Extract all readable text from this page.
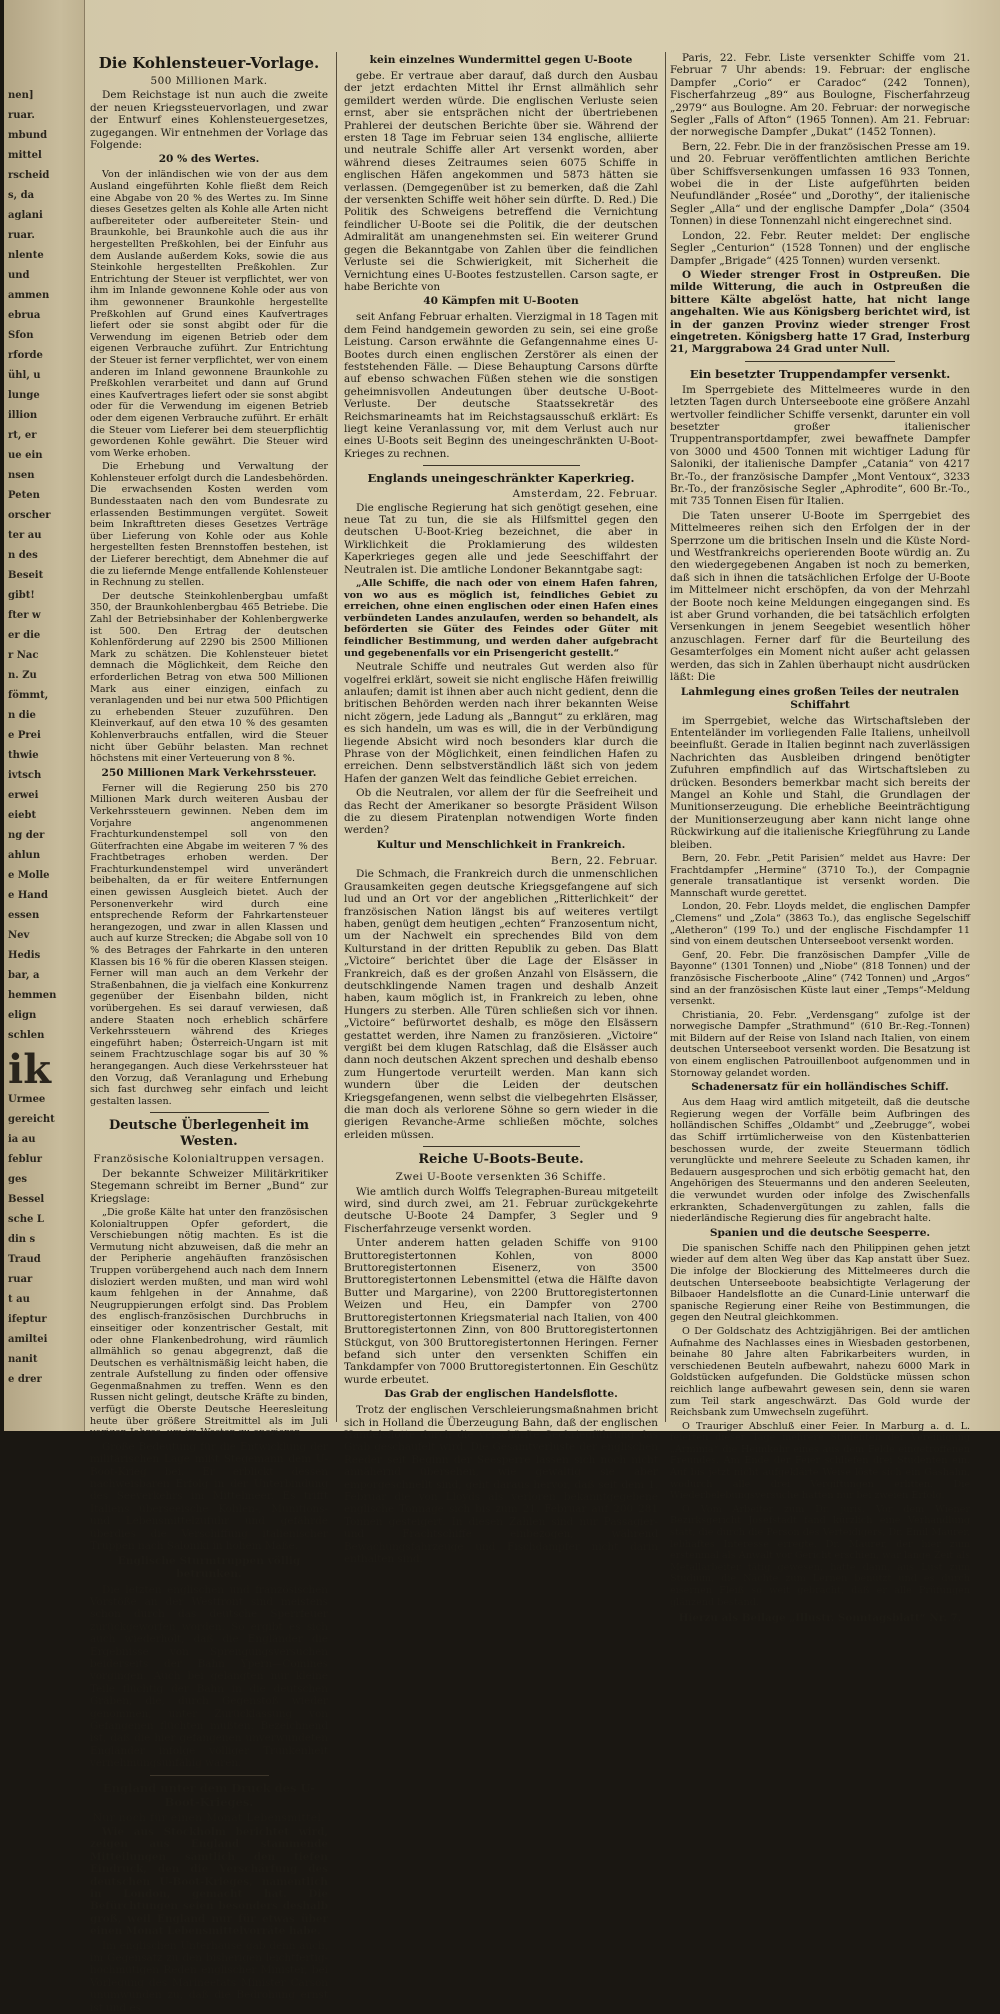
nen]
ruar.
mbund
mittel
rscheid
s, da
aglani
ruar.
nlente
und
ammen
ebrua
Sfon
rforde
ühl, u
lunge
illion
rt, er
ue ein
nsen
Peten
orscher
ter au
n des
Beseit
gibt!
fter w
er die
r Nac
n. Zu
fömmt,
n die
e Prei
thwie
ivtsch
erwei
eiebt
ng der
ahlun
e Molle
e Hand
essen
Nev
Hedis
bar, a
hemmen
elign
schlen
ik
Urmee
gereicht
ia au
feblur
ges
Bessel
sche L
din s
Traud
ruar
t au
ifeptur
amiltei
nanit
e drer
Die Kohlensteuer-Vorlage.
500 Millionen Mark.

Dem Reichstage ist nun auch die zweite der neuen Kriegssteuervorlagen, und zwar der Entwurf eines Kohlensteuergesetzes, zugegangen. Wir entnehmen der Vorlage das Folgende:

20 % des Wertes.

Von der inländischen wie von der aus dem Ausland eingeführten Kohle fließt dem Reich eine Abgabe von 20 % des Wertes zu. Im Sinne dieses Gesetzes gelten als Kohle alle Arten nicht aufbereiteter oder aufbereiteter Stein- und Braunkohle, bei Braunkohle auch die aus ihr hergestellten Preßkohlen, bei der Einfuhr aus dem Auslande außerdem Koks, sowie die aus Steinkohle hergestellten Preßkohlen. Zur Entrichtung der Steuer ist verpflichtet, wer von ihm im Inlande gewonnene Kohle oder aus von ihm gewonnener Braunkohle hergestellte Preßkohlen auf Grund eines Kaufvertrages liefert oder sie sonst abgibt oder für die Verwendung im eigenen Betrieb oder dem eigenen Verbrauche zuführt. Zur Entrichtung der Steuer ist ferner verpflichtet, wer von einem anderen im Inland gewonnene Braunkohle zu Preßkohlen verarbeitet und dann auf Grund eines Kaufvertrages liefert oder sie sonst abgibt oder für die Verwendung im eigenen Betrieb oder dem eigenen Verbrauche zuführt. Er erhält die Steuer vom Lieferer bei dem steuerpflichtig gewordenen Kohle gewährt. Die Steuer wird vom Werke erhoben.

Die Erhebung und Verwaltung der Kohlensteuer erfolgt durch die Landesbehörden. Die erwachsenden Kosten werden vom Bundesstaaten nach den vom Bundesrate zu erlassenden Bestimmungen vergütet. Soweit beim Inkrafttreten dieses Gesetzes Verträge über Lieferung von Kohle oder aus Kohle hergestellten festen Brennstoffen bestehen, ist der Lieferer berechtigt, dem Abnehmer die auf die zu liefernde Menge entfallende Kohlensteuer in Rechnung zu stellen.

Der deutsche Steinkohlenbergbau umfaßt 350, der Braunkohlenbergbau 465 Betriebe. Die Zahl der Betriebsinhaber der Kohlenbergwerke ist 500. Den Ertrag der deutschen Kohlenförderung auf 2290 bis 2500 Millionen Mark zu schätzen. Die Kohlensteuer bietet demnach die Möglichkeit, dem Reiche den erforderlichen Betrag von etwa 500 Millionen Mark aus einer einzigen, einfach zu veranlagenden und bei nur etwa 500 Pflichtigen zu erhebenden Steuer zuzuführen. Den Kleinverkauf, auf den etwa 10 % des gesamten Kohlenverbrauchs entfallen, wird die Steuer nicht über Gebühr belasten. Man rechnet höchstens mit einer Verteuerung von 8 %.

250 Millionen Mark Verkehrssteuer.

Ferner will die Regierung 250 bis 270 Millionen Mark durch weiteren Ausbau der Verkehrssteuern gewinnen. Neben dem im Vorjahre angenommenen Frachturkundenstempel soll von den Güterfrachten eine Abgabe im weiteren 7 % des Frachtbetrages erhoben werden. Der Frachturkundenstempel wird unverändert beibehalten, da er für weitere Entfernungen einen gewissen Ausgleich bietet. Auch der Personenverkehr wird durch eine entsprechende Reform der Fahrkartensteuer herangezogen, und zwar in allen Klassen und auch auf kurze Strecken; die Abgabe soll von 10 % des Betrages der Fahrkarte in den unteren Klassen bis 16 % für die oberen Klassen steigen. Ferner will man auch an dem Verkehr der Straßenbahnen, die ja vielfach eine Konkurrenz gegenüber der Eisenbahn bilden, nicht vorübergehen. Es sei darauf verwiesen, daß andere Staaten noch erheblich schärfere Verkehrssteuern während des Krieges eingeführt haben; Österreich-Ungarn ist mit seinem Frachtzuschlage sogar bis auf 30 % herangegangen. Auch diese Verkehrssteuer hat den Vorzug, daß Veranlagung und Erhebung sich fast durchweg sehr einfach und leicht gestalten lassen.

Deutsche Überlegenheit im Westen.
Französische Kolonialtruppen versagen.

Der bekannte Schweizer Militärkritiker Stegemann schreibt im Berner „Bund“ zur Kriegslage:

„Die große Kälte hat unter den französischen Kolonialtruppen Opfer gefordert, die Verschiebungen nötig machten. Es ist die Vermutung nicht abzuweisen, daß die mehr an der Peripherie angehäuften französischen Truppen vorübergehend auch nach dem Innern disloziert werden mußten, und man wird wohl kaum fehlgehen in der Annahme, daß Neugruppierungen erfolgt sind. Das Problem des englisch-französischen Durchbruchs in einseitiger oder konzentrischer Gestalt, mit oder ohne Flankenbedrohung, wird räumlich allmählich so genau abgegrenzt, daß die Deutschen es verhältnismäßig leicht haben, die zentrale Aufstellung zu finden oder offensive Gegenmaßnahmen zu treffen. Wenn es den Russen nicht gelingt, deutsche Kräfte zu binden, verfügt die Oberste Deutsche Heeresleitung heute über größere Streitmittel als im Juli vorigen Jahres, um im Westen zu operieren.

Große Bedeutung für die Entwicklung der militärischen Lage mißt Stegemann dem U-Boot-Krieg bei. Er erblickt dessen nachweisbaren Erfolg in der Unterbindung des Seeverkehrs im Mittelmeer. Es trifft Italiens überseeische Kohlen-, Munitions- und Lebensmittelzufuhr und gefährde überdies die Verschiffung italienischer Truppen nach Saloniki in hohem Maße.

Englische Sturmtruppen völlig betrunken.

Die letzten englischen und französischen Vorstöße an der Westfront sind meistens schon durch das deutsche Sperrfeuer zurückgeworfen worden. So ergibt es sich auch wiederholt, daß die Engländer die Ergebnisse von Sprengungsversuchen beiderseits der Bahn Ypern—Comines vorgingen. Auch bei gelangten nur kleine Teile flüchtig der Bahn in die deutschen Gräben, die, durch Gegenstoß wieder genommen, unter Zurücklassung von Gefangenen flüchten mußten. Bezeichnend ist, daß die hier gefangenen unverwundeten Engländer infolge völliger Trunkenheit vernehmungsunfähig waren.

England unter dem Druck des U-Boot-Krieges.
Nur noch für einen Monat Lebensmittel.

Wie aus Stockholm berichtet wird, zeigen aus England stammende Mitteilungen sämtlich den tiefen Eindruck, den die Verschärfung des deutschen U-Boot-Krieges, namentlich in London, gemacht hat. Die Befürchtungen seien besonders deshalb groß, weil England nur für etwas über einen Monat Lebensmittelvorräte habe.

Im englischen Unterhause gab denn auch, im Gegensatz zu den bisherigen leichtfertig-hochmütigen Reden englischer Minister, bei Vorlegung des Marineetats Minister Carson unumwunden zu, daß die Bedrohung ernst ist und es

kein einzelnes Wundermittel gegen U-Boote

gebe. Er vertraue aber darauf, daß durch den Ausbau der jetzt erdachten Mittel ihr Ernst allmählich sehr gemildert werden würde. Die englischen Verluste seien ernst, aber sie entsprächen nicht der übertriebenen Prahlerei der deutschen Berichte über sie. Während der ersten 18 Tage im Februar seien 134 englische, alliierte und neutrale Schiffe aller Art versenkt worden, aber während dieses Zeitraumes seien 6075 Schiffe in englischen Häfen angekommen und 5873 hätten sie verlassen. (Demgegenüber ist zu bemerken, daß die Zahl der versenkten Schiffe weit höher sein dürfte. D. Red.) Die Politik des Schweigens betreffend die Vernichtung feindlicher U-Boote sei die Politik, die der deutschen Admiralität am unangenehmsten sei. Ein weiterer Grund gegen die Bekanntgabe von Zahlen über die feindlichen Verluste sei die Schwierigkeit, mit Sicherheit die Vernichtung eines U-Bootes festzustellen. Carson sagte, er habe Berichte von

40 Kämpfen mit U-Booten

seit Anfang Februar erhalten. Vierzigmal in 18 Tagen mit dem Feind handgemein geworden zu sein, sei eine große Leistung. Carson erwähnte die Gefangennahme eines U-Bootes durch einen englischen Zerstörer als einen der feststehenden Fälle. — Diese Behauptung Carsons dürfte auf ebenso schwachen Füßen stehen wie die sonstigen geheimnisvollen Andeutungen über deutsche U-Boot-Verluste. Der deutsche Staatssekretär des Reichsmarineamts hat im Reichstagsausschuß erklärt: Es liegt keine Veranlassung vor, mit dem Verlust auch nur eines U-Boots seit Beginn des uneingeschränkten U-Boot-Krieges zu rechnen.

Englands uneingeschränkter Kaperkrieg.
Amsterdam, 22. Februar.

Die englische Regierung hat sich genötigt gesehen, eine neue Tat zu tun, die sie als Hilfsmittel gegen den deutschen U-Boot-Krieg bezeichnet, die aber in Wirklichkeit die Proklamierung des wildesten Kaperkrieges gegen alle und jede Seeschiffahrt der Neutralen ist. Die amtliche Londoner Bekanntgabe sagt:

„Alle Schiffe, die nach oder von einem Hafen fahren, von wo aus es möglich ist, feindliches Gebiet zu erreichen, ohne einen englischen oder einen Hafen eines verbündeten Landes anzulaufen, werden so behandelt, als beförderten sie Güter des Feindes oder Güter mit feindlicher Bestimmung, und werden daher aufgebracht und gegebenenfalls vor ein Prisengericht gestellt.“

Neutrale Schiffe und neutrales Gut werden also für vogelfrei erklärt, soweit sie nicht englische Häfen freiwillig anlaufen; damit ist ihnen aber auch nicht gedient, denn die britischen Behörden werden nach ihrer bekannten Weise nicht zögern, jede Ladung als „Banngut“ zu erklären, mag es sich handeln, um was es will, die in der Verbündigung liegende Absicht wird noch besonders klar durch die Phrase von der Möglichkeit, einen feindlichen Hafen zu erreichen. Denn selbstverständlich läßt sich von jedem Hafen der ganzen Welt das feindliche Gebiet erreichen.

Ob die Neutralen, vor allem der für die Seefreiheit und das Recht der Amerikaner so besorgte Präsident Wilson die zu diesem Piratenplan notwendigen Worte finden werden?

Kultur und Menschlichkeit in Frankreich.
Bern, 22. Februar.

Die Schmach, die Frankreich durch die unmenschlichen Grausamkeiten gegen deutsche Kriegsgefangene auf sich lud und an Ort vor der angeblichen „Ritterlichkeit“ der französischen Nation längst bis auf weiteres vertilgt haben, genügt dem heutigen „echten“ Franzosentum nicht, um der Nachwelt ein sprechendes Bild von dem Kulturstand in der dritten Republik zu geben. Das Blatt „Victoire“ berichtet über die Lage der Elsässer in Frankreich, daß es der großen Anzahl von Elsässern, die deutschklingende Namen tragen und deshalb Anzeit haben, kaum möglich ist, in Frankreich zu leben, ohne Hungers zu sterben. Alle Türen schließen sich vor ihnen. „Victoire“ befürwortet deshalb, es möge den Elsässern gestattet werden, ihre Namen zu französieren. „Victoire“ vergißt bei dem klugen Ratschlag, daß die Elsässer auch dann noch deutschen Akzent sprechen und deshalb ebenso zum Hungertode verurteilt werden. Man kann sich wundern über die Leiden der deutschen Kriegsgefangenen, wenn selbst die vielbegehrten Elsässer, die man doch als verlorene Söhne so gern wieder in die gierigen Revanche-Arme schließen möchte, solches erleiden müssen.

Reiche U-Boots-Beute.
Zwei U-Boote versenkten 36 Schiffe.

Wie amtlich durch Wolffs Telegraphen-Bureau mitgeteilt wird, sind durch zwei, am 21. Februar zurückgekehrte deutsche U-Boote 24 Dampfer, 3 Segler und 9 Fischerfahrzeuge versenkt worden.

Unter anderem hatten geladen Schiffe von 9100 Bruttoregistertonnen Kohlen, von 8000 Bruttoregistertonnen Eisenerz, von 3500 Bruttoregistertonnen Lebensmittel (etwa die Hälfte davon Butter und Margarine), von 2200 Bruttoregistertonnen Weizen und Heu, ein Dampfer von 2700 Bruttoregistertonnen Kriegsmaterial nach Italien, von 400 Bruttoregistertonnen Zinn, von 800 Bruttoregistertonnen Stückgut, von 300 Bruttoregistertonnen Heringen. Ferner befand sich unter den versenkten Schiffen ein Tankdampfer von 7000 Bruttoregistertonnen. Ein Geschütz wurde erbeutet.

Das Grab der englischen Handelsflotte.

Trotz der englischen Verschleierungsmaßnahmen bricht sich in Holland die Überzeugung Bahn, daß der englischen Handelsflotte durch die verschärfte Seekriegführung das Grab geschaufelt wird. Die Gesamtverluste der englischen Reeder seit Beginn der Seesperre lassen sich noch nicht annähernd übersehen, wie gewaltig sie aber emporgeschnellt sind, geht daraus hervor, daß seit dem 1. Februar die von Lloyds als verloren bekanntgegebene englische Tonnage sich bis zum 21. Februar auf 200 281 Tonnen gesteigert. In diesen Zahlen sind nur Passagier- und Frachtschiffe einbezogen, während Bewachungsfahrzeuge und Fischdampfer nicht darin enthalten sind.

Paris, 22. Febr. Liste versenkter Schiffe vom 21. Februar 7 Uhr abends: 19. Februar: der englische Dampfer „Corio“ er Caradoc“ (242 Tonnen), Fischerfahrzeug „89“ aus Boulogne, Fischerfahrzeug „2979“ aus Boulogne. Am 20. Februar: der norwegische Segler „Falls of Afton“ (1965 Tonnen). Am 21. Februar: der norwegische Dampfer „Dukat“ (1452 Tonnen).

Bern, 22. Febr. Die in der französischen Presse am 19. und 20. Februar veröffentlichten amtlichen Berichte über Schiffsversenkungen umfassen 16 933 Tonnen, wobei die in der Liste aufgeführten beiden Neufundländer „Rosée“ und „Dorothy“, der italienische Segler „Alla“ und der englische Dampfer „Dola“ (3504 Tonnen) in diese Tonnenzahl nicht eingerechnet sind.

London, 22. Febr. Reuter meldet: Der englische Segler „Centurion“ (1528 Tonnen) und der englische Dampfer „Brigade“ (425 Tonnen) wurden versenkt.

O Wieder strenger Frost in Ostpreußen. Die milde Witterung, die auch in Ostpreußen die bittere Kälte abgelöst hatte, hat nicht lange angehalten. Wie aus Königsberg berichtet wird, ist in der ganzen Provinz wieder strenger Frost eingetreten. Königsberg hatte 17 Grad, Insterburg 21, Marggrabowa 24 Grad unter Null.

Ein besetzter Truppendampfer versenkt.

Im Sperrgebiete des Mittelmeeres wurde in den letzten Tagen durch Unterseeboote eine größere Anzahl wertvoller feindlicher Schiffe versenkt, darunter ein voll besetzter großer italienischer Truppentransportdampfer, zwei bewaffnete Dampfer von 3000 und 4500 Tonnen mit wichtiger Ladung für Saloniki, der italienische Dampfer „Catania“ von 4217 Br.-To., der französische Dampfer „Mont Ventoux“, 3233 Br.-To., der französische Segler „Aphrodite“, 600 Br.-To., mit 735 Tonnen Eisen für Italien.

Die Taten unserer U-Boote im Sperrgebiet des Mittelmeeres reihen sich den Erfolgen der in der Sperrzone um die britischen Inseln und die Küste Nord- und Westfrankreichs operierenden Boote würdig an. Zu den wiedergegebenen Angaben ist noch zu bemerken, daß sich in ihnen die tatsächlichen Erfolge der U-Boote im Mittelmeer nicht erschöpfen, da von der Mehrzahl der Boote noch keine Meldungen eingegangen sind. Es ist aber Grund vorhanden, die bei tatsächlich erfolgten Versenkungen in jenem Seegebiet wesentlich höher anzuschlagen. Ferner darf für die Beurteilung des Gesamterfolges ein Moment nicht außer acht gelassen werden, das sich in Zahlen überhaupt nicht ausdrücken läßt: Die

Lahmlegung eines großen Teiles der neutralen Schiffahrt

im Sperrgebiet, welche das Wirtschaftsleben der Ententeländer im vorliegenden Falle Italiens, unheilvoll beeinflußt. Gerade in Italien beginnt nach zuverlässigen Nachrichten das Ausbleiben dringend benötigter Zufuhren empfindlich auf das Wirtschaftsleben zu drücken. Besonders bemerkbar macht sich bereits der Mangel an Kohle und Stahl, die Grundlagen der Munitionserzeugung. Die erhebliche Beeinträchtigung der Munitionserzeugung aber kann nicht lange ohne Rückwirkung auf die italienische Kriegführung zu Lande bleiben.

Bern, 20. Febr. „Petit Parisien“ meldet aus Havre: Der Frachtdampfer „Hermine“ (3710 To.), der Compagnie generale transatlantique ist versenkt worden. Die Mannschaft wurde gerettet.

London, 20. Febr. Lloyds meldet, die englischen Dampfer „Clemens“ und „Zola“ (3863 To.), das englische Segelschiff „Aletheron“ (199 To.) und der englische Fischdampfer 11 sind von einem deutschen Unterseeboot versenkt worden.

Genf, 20. Febr. Die französischen Dampfer „Ville de Bayonne“ (1301 Tonnen) und „Niobe“ (818 Tonnen) und der französische Fischerboote „Aline“ (742 Tonnen) und „Argos“ sind an der französischen Küste laut einer „Temps“-Meldung versenkt.

Christiania, 20. Febr. „Verdensgang“ zufolge ist der norwegische Dampfer „Strathmund“ (610 Br.-Reg.-Tonnen) mit Bildern auf der Reise von Island nach Italien, von einem deutschen Unterseeboot versenkt worden. Die Besatzung ist von einem englischen Patrouillenboot aufgenommen und in Stornoway gelandet worden.

Schadenersatz für ein holländisches Schiff.

Aus dem Haag wird amtlich mitgeteilt, daß die deutsche Regierung wegen der Vorfälle beim Aufbringen des holländischen Schiffes „Oldambt“ und „Zeebrugge“, wobei das Schiff irrtümlicherweise von den Küstenbatterien beschossen wurde, der zweite Steuermann tödlich verunglückte und mehrere Seeleute zu Schaden kamen, ihr Bedauern ausgesprochen und sich erbötig gemacht hat, den Angehörigen des Steuermanns und den anderen Seeleuten, die verwundet wurden oder infolge des Zwischenfalls erkrankten, Schadenvergütungen zu zahlen, falls die niederländische Regierung dies für angebracht halte.

Spanien und die deutsche Seesperre.

Die spanischen Schiffe nach den Philippinen gehen jetzt wieder auf dem alten Weg über das Kap anstatt über Suez. Die infolge der Blockierung des Mittelmeeres durch die deutschen Unterseeboote beabsichtigte Verlagerung der Bilbaoer Handelsflotte an die Cunard-Linie unterwarf die spanische Regierung einer Reihe von Bestimmungen, die gegen den Neutral gleichkommen.

O Der Goldschatz des Achtzigjährigen. Bei der amtlichen Aufnahme des Nachlasses eines in Wiesbaden gestorbenen, beinahe 80 Jahre alten Fabrikarbeiters wurden, in verschiedenen Beuteln aufbewahrt, nahezu 6000 Mark in Goldstücken aufgefunden. Die Goldstücke müssen schon reichlich lange aufbewahrt gewesen sein, denn sie waren zum Teil stark angeschwärzt. Das Gold wurde der Reichsbank zum Umwechseln zugeführt.

O Trauriger Abschluß einer Feier. In Marburg a. d. L. feierten dieser Tage mehrere Studenten der Vereinigung „Arminia“ die Heimkehr eines aus dem Felde eingetroffenen Freundes. Am Ende der Feier schliefen drei Studenten ein. Auf bis jetzt nicht aufgeklärte Weise löste sich ein Gashahn, wodurch alle drei Vergiftungen erlitten. Die Wiederbelebungsversuche hatten nur bei zweien Erfolg.

O Vom Arbeiter zum Dr. juris. Vor dem Wiener Bezirksgericht Josefstadt fand kürzlich eine Verhandlung statt, die durch die Person des Verteidigers, Dr. Emil Maurer, lebhaftes Interesse erregte. Dr. Maurer, der hier zum erstenmal als Anwalt vor Gericht erschien, war lange Zeit als Metallarbeiter tätig gewesen, hatte dann, aus Lust zum Studium, die Nächte zum Lernen benützt und es durch eisernen Fleiß so weit gebracht, daß er alle Prüfungen glänzend bestand.

Hierzu als Beilage „Illustr. Sonntagsblatt“ Nr. 7.
